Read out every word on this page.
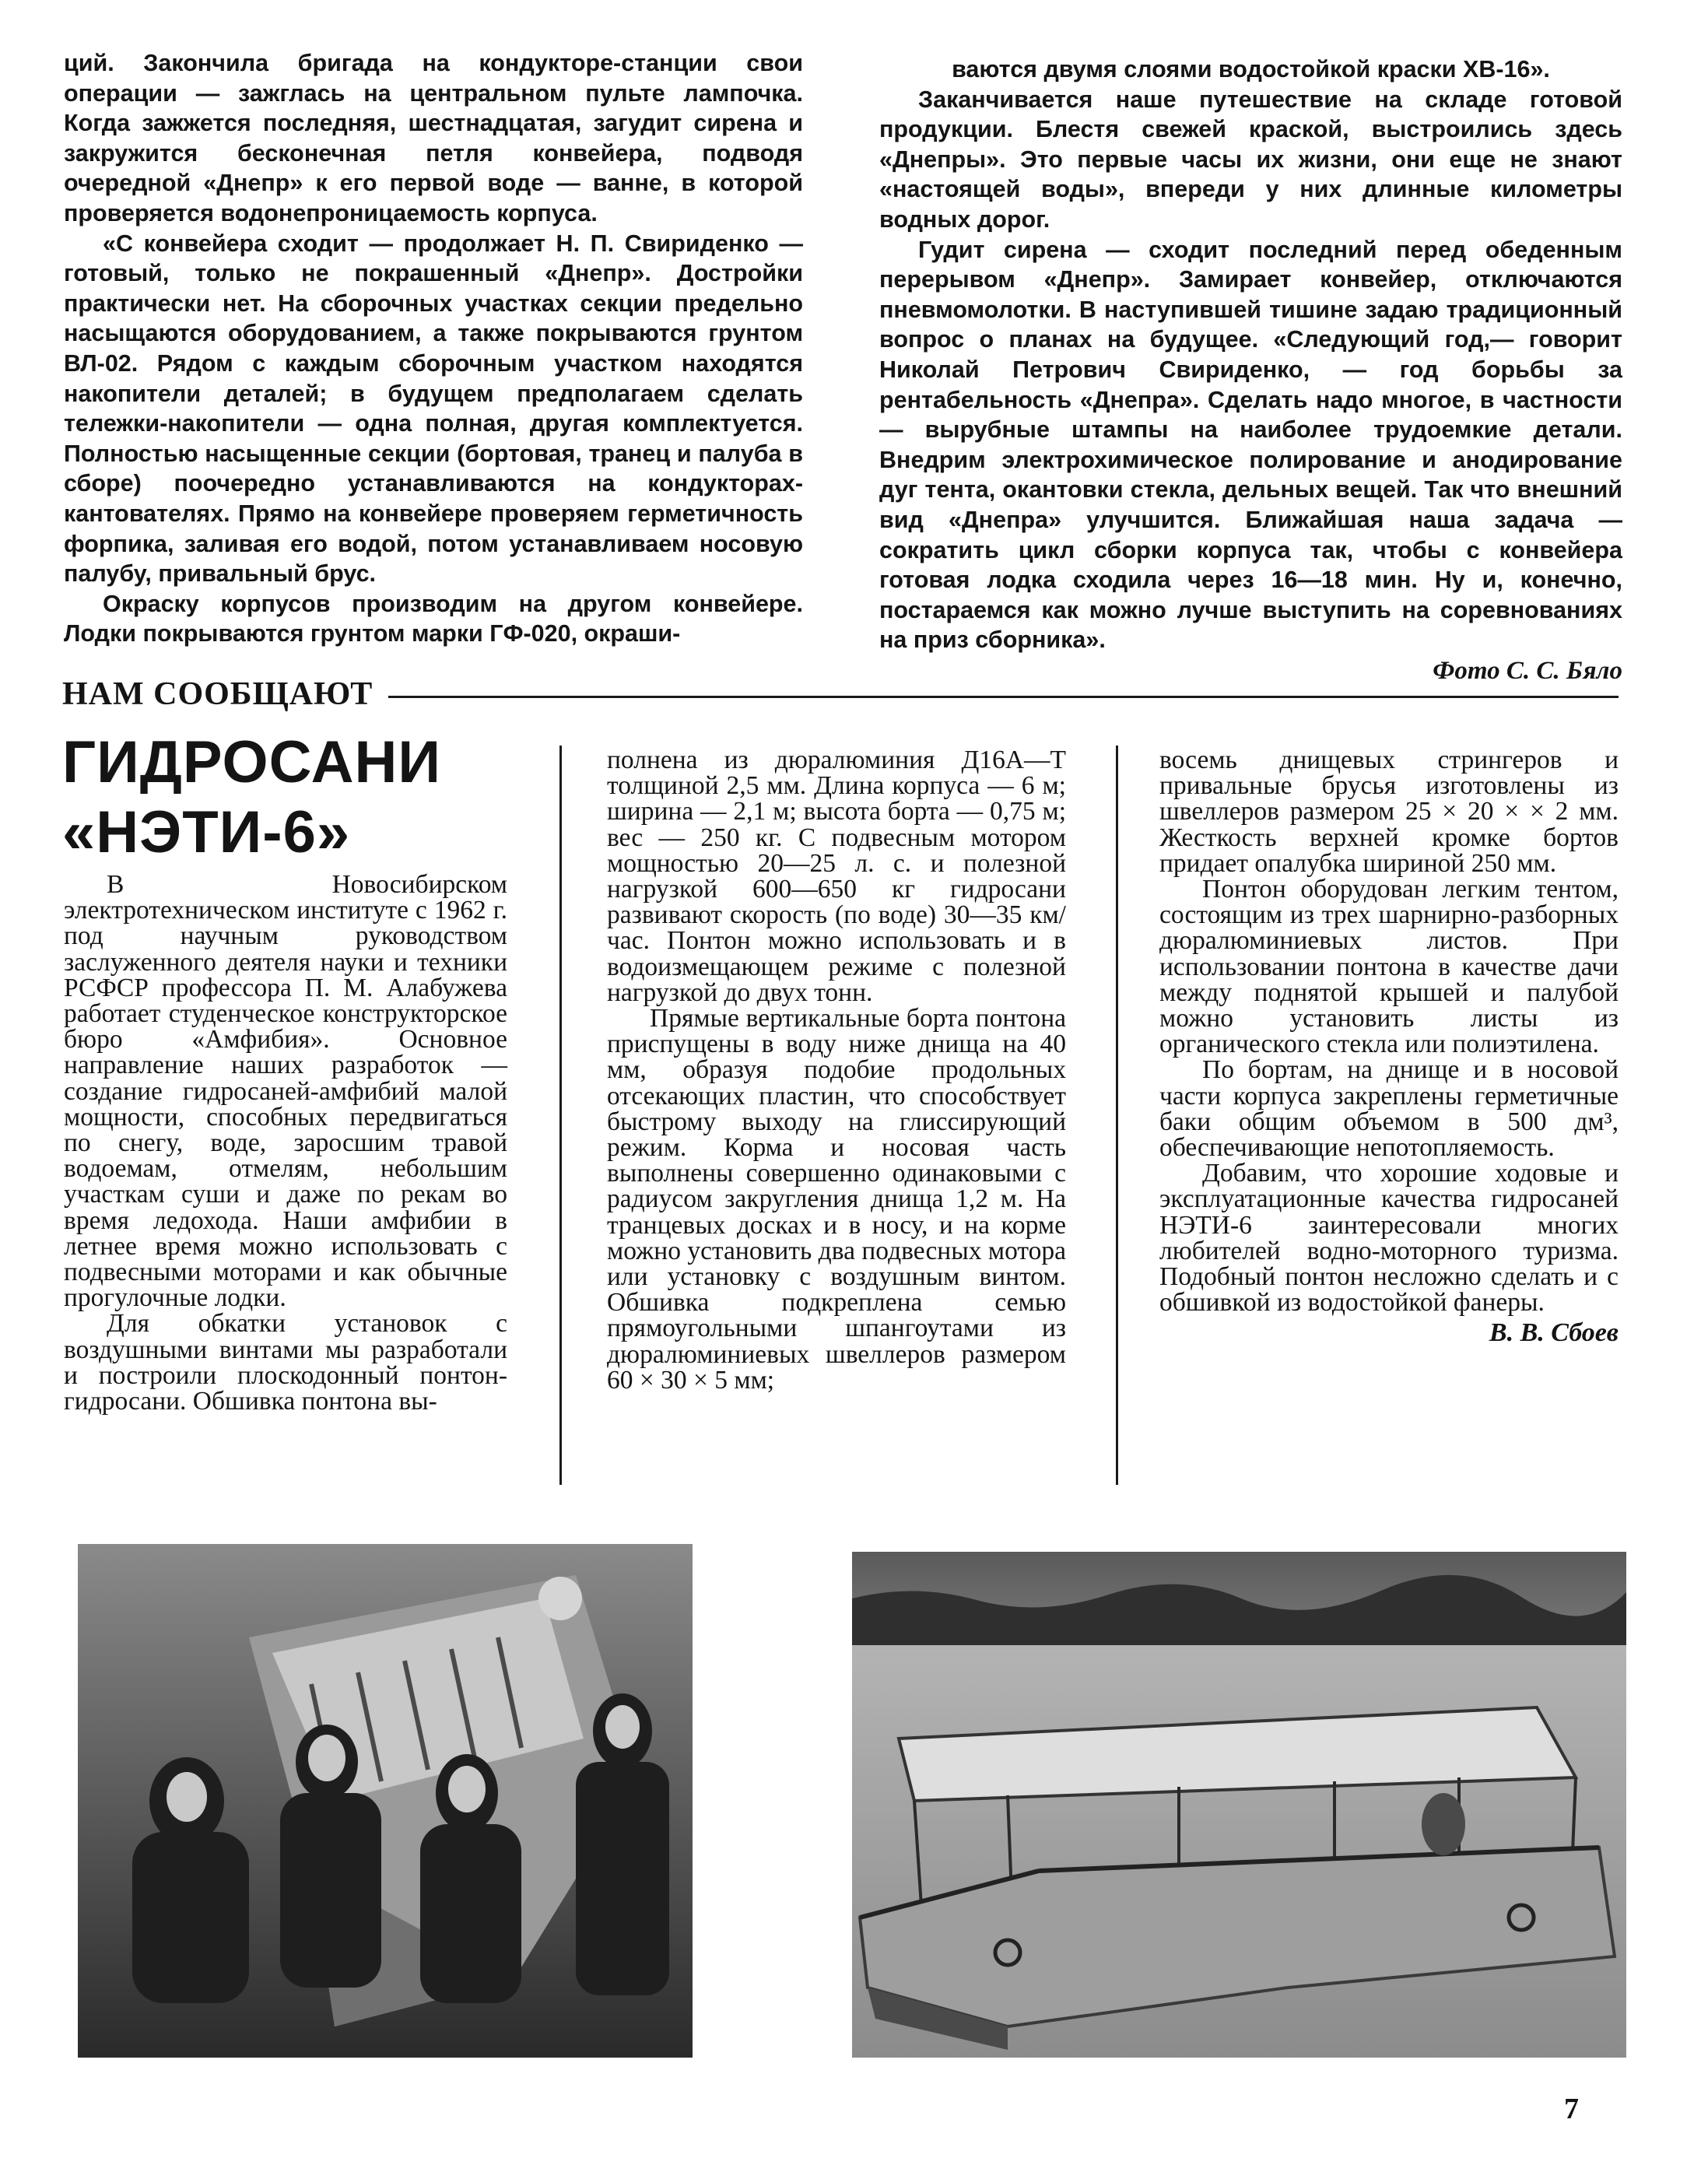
ций. Закончила бригада на кондукторе-станции свои операции — зажглась на центральном пульте лампочка. Когда зажжется последняя, шестнадцатая, загудит сирена и закружится бесконечная петля конвейера, подводя очередной «Днепр» к его первой воде — ванне, в которой проверяется водонепроницаемость корпуса.

«С конвейера сходит — продолжает Н. П. Свириденко — готовый, только не покрашенный «Днепр». Достройки практически нет. На сборочных участках секции предельно насыщаются оборудованием, а также покрываются грунтом ВЛ-02. Рядом с каждым сборочным участком находятся накопители деталей; в будущем предполагаем сделать тележки-накопители — одна полная, другая комплектуется. Полностью насыщенные секции (бортовая, транец и палуба в сборе) поочередно устанавливаются на кондукторах-кантователях. Прямо на конвейере проверяем герметичность форпика, заливая его водой, потом устанавливаем носовую палубу, привальный брус.

Окраску корпусов производим на другом конвейере. Лодки покрываются грунтом марки ГФ-020, окраши-

ваются двумя слоями водостойкой краски ХВ-16».

Заканчивается наше путешествие на складе готовой продукции. Блестя свежей краской, выстроились здесь «Днепры». Это первые часы их жизни, они еще не знают «настоящей воды», впереди у них длинные километры водных дорог.

Гудит сирена — сходит последний перед обеденным перерывом «Днепр». Замирает конвейер, отключаются пневмомолотки. В наступившей тишине задаю традиционный вопрос о планах на будущее. «Следующий год,— говорит Николай Петрович Свириденко, — год борьбы за рентабельность «Днепра». Сделать надо многое, в частности — вырубные штампы на наиболее трудоемкие детали. Внедрим электрохимическое полирование и анодирование дуг тента, окантовки стекла, дельных вещей. Так что внешний вид «Днепра» улучшится. Ближайшая наша задача — сократить цикл сборки корпуса так, чтобы с конвейера готовая лодка сходила через 16—18 мин. Ну и, конечно, постараемся как можно лучше выступить на соревнованиях на приз сборника».

Фото С. С. Бяло
НАМ СООБЩАЮТ
ГИДРОСАНИ
«НЭТИ-6»

В Новосибирском электротехническом институте с 1962 г. под научным руководством заслуженного деятеля науки и техники РСФСР профессора П. М. Алабужева работает студенческое конструкторское бюро «Амфибия». Основное направление наших разработок — создание гидросаней-амфибий малой мощности, способных передвигаться по снегу, воде, заросшим травой водоемам, отмелям, небольшим участкам суши и даже по рекам во время ледохода. Наши амфибии в летнее время можно использовать с подвесными моторами и как обычные прогулочные лодки.

Для обкатки установок с воздушными винтами мы разработали и построили плоскодонный понтон-гидросани. Обшивка понтона вы-

полнена из дюралюминия Д16А—Т толщиной 2,5 мм. Длина корпуса — 6 м; ширина — 2,1 м; высота борта — 0,75 м; вес — 250 кг. С подвесным мотором мощностью 20—25 л. с. и полезной нагрузкой 600—650 кг гидросани развивают скорость (по воде) 30—35 км/час. Понтон можно использовать и в водоизмещающем режиме с полезной нагрузкой до двух тонн.

Прямые вертикальные борта понтона приспущены в воду ниже днища на 40 мм, образуя подобие продольных отсекающих пластин, что способствует быстрому выходу на глиссирующий режим. Корма и носовая часть выполнены совершенно одинаковыми с радиусом закругления днища 1,2 м. На транцевых досках и в носу, и на корме можно установить два подвесных мотора или установку с воздушным винтом. Обшивка подкреплена семью прямоугольными шпангоутами из дюралюминиевых швеллеров размером 60 × 30 × 5 мм;

восемь днищевых стрингеров и привальные брусья изготовлены из швеллеров размером 25 × 20 × × 2 мм. Жесткость верхней кромке бортов придает опалубка шириной 250 мм.

Понтон оборудован легким тентом, состоящим из трех шарнирно-разборных дюралюминиевых листов. При использовании понтона в качестве дачи между поднятой крышей и палубой можно установить листы из органического стекла или полиэтилена.

По бортам, на днище и в носовой части корпуса закреплены герметичные баки общим объемом в 500 дм³, обеспечивающие непотопляемость.

Добавим, что хорошие ходовые и эксплуатационные качества гидросаней НЭТИ-6 заинтересовали многих любителей водно-моторного туризма. Подобный понтон несложно сделать и с обшивкой из водостойкой фанеры.

В. В. Сбоев
7
